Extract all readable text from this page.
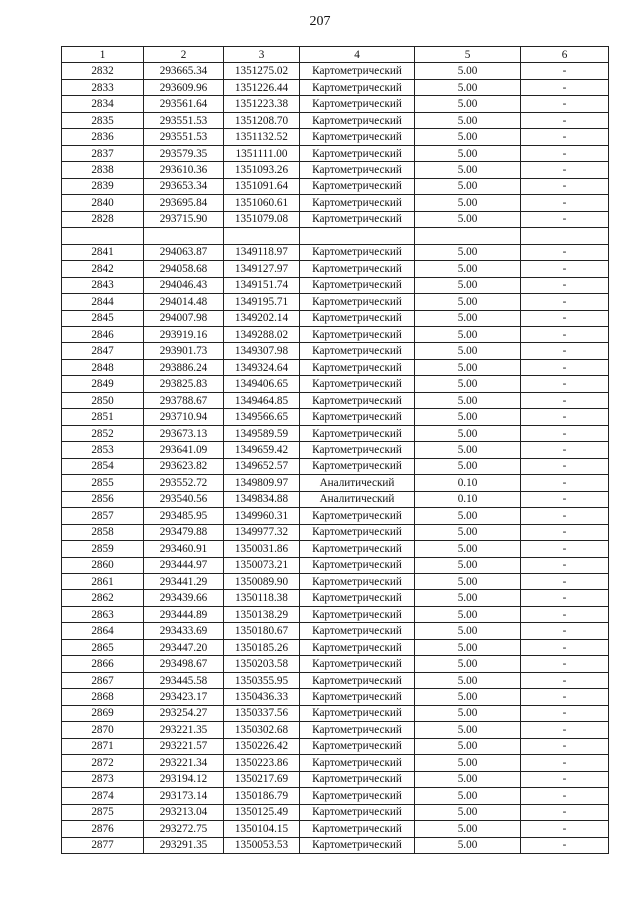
207
1	2	3	4	5	6
2832	293665.34	1351275.02	Картометрический	5.00	-
2833	293609.96	1351226.44	Картометрический	5.00	-
2834	293561.64	1351223.38	Картометрический	5.00	-
2835	293551.53	1351208.70	Картометрический	5.00	-
2836	293551.53	1351132.52	Картометрический	5.00	-
2837	293579.35	1351111.00	Картометрический	5.00	-
2838	293610.36	1351093.26	Картометрический	5.00	-
2839	293653.34	1351091.64	Картометрический	5.00	-
2840	293695.84	1351060.61	Картометрический	5.00	-
2828	293715.90	1351079.08	Картометрический	5.00	-

2841	294063.87	1349118.97	Картометрический	5.00	-
2842	294058.68	1349127.97	Картометрический	5.00	-
2843	294046.43	1349151.74	Картометрический	5.00	-
2844	294014.48	1349195.71	Картометрический	5.00	-
2845	294007.98	1349202.14	Картометрический	5.00	-
2846	293919.16	1349288.02	Картометрический	5.00	-
2847	293901.73	1349307.98	Картометрический	5.00	-
2848	293886.24	1349324.64	Картометрический	5.00	-
2849	293825.83	1349406.65	Картометрический	5.00	-
2850	293788.67	1349464.85	Картометрический	5.00	-
2851	293710.94	1349566.65	Картометрический	5.00	-
2852	293673.13	1349589.59	Картометрический	5.00	-
2853	293641.09	1349659.42	Картометрический	5.00	-
2854	293623.82	1349652.57	Картометрический	5.00	-
2855	293552.72	1349809.97	Аналитический	0.10	-
2856	293540.56	1349834.88	Аналитический	0.10	-
2857	293485.95	1349960.31	Картометрический	5.00	-
2858	293479.88	1349977.32	Картометрический	5.00	-
2859	293460.91	1350031.86	Картометрический	5.00	-
2860	293444.97	1350073.21	Картометрический	5.00	-
2861	293441.29	1350089.90	Картометрический	5.00	-
2862	293439.66	1350118.38	Картометрический	5.00	-
2863	293444.89	1350138.29	Картометрический	5.00	-
2864	293433.69	1350180.67	Картометрический	5.00	-
2865	293447.20	1350185.26	Картометрический	5.00	-
2866	293498.67	1350203.58	Картометрический	5.00	-
2867	293445.58	1350355.95	Картометрический	5.00	-
2868	293423.17	1350436.33	Картометрический	5.00	-
2869	293254.27	1350337.56	Картометрический	5.00	-
2870	293221.35	1350302.68	Картометрический	5.00	-
2871	293221.57	1350226.42	Картометрический	5.00	-
2872	293221.34	1350223.86	Картометрический	5.00	-
2873	293194.12	1350217.69	Картометрический	5.00	-
2874	293173.14	1350186.79	Картометрический	5.00	-
2875	293213.04	1350125.49	Картометрический	5.00	-
2876	293272.75	1350104.15	Картометрический	5.00	-
2877	293291.35	1350053.53	Картометрический	5.00	-
